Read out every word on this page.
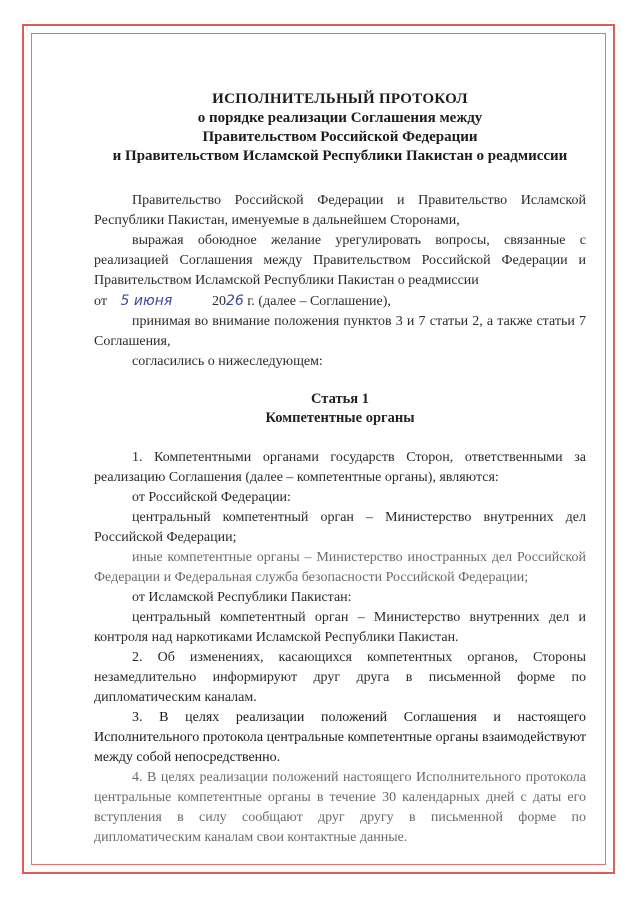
ИСПОЛНИТЕЛЬНЫЙ ПРОТОКОЛ

о порядке реализации Соглашения между

Правительством Российской Федерации

и Правительством Исламской Республики Пакистан о реадмиссии

Правительство Российской Федерации и Правительство Исламской Республики Пакистан, именуемые в дальнейшем Сторонами,

выражая обоюдное желание урегулировать вопросы, связанные с реализацией Соглашения между Правительством Российской Федерации и Правительством Исламской Республики Пакистан о реадмиссии

от 5 июня	2026 г. (далее – Соглашение),

принимая во внимание положения пунктов 3 и 7 статьи 2, а также статьи 7 Соглашения,

согласились о нижеследующем:

Статья 1

Компетентные органы

1. Компетентными органами государств Сторон, ответственными за реализацию Соглашения (далее – компетентные органы), являются:

от Российской Федерации:

центральный компетентный орган – Министерство внутренних дел Российской Федерации;

иные компетентные органы – Министерство иностранных дел Российской Федерации и Федеральная служба безопасности Российской Федерации;

от Исламской Республики Пакистан:

центральный компетентный орган – Министерство внутренних дел и контроля над наркотиками Исламской Республики Пакистан.

2. Об изменениях, касающихся компетентных органов, Стороны незамедлительно информируют друг друга в письменной форме по дипломатическим каналам.

3. В целях реализации положений Соглашения и настоящего Исполнительного протокола центральные компетентные органы взаимодействуют между собой непосредственно.

4. В целях реализации положений настоящего Исполнительного протокола центральные компетентные органы в течение 30 календарных дней с даты его вступления в силу сообщают друг другу в письменной форме по дипломатическим каналам свои контактные данные.
